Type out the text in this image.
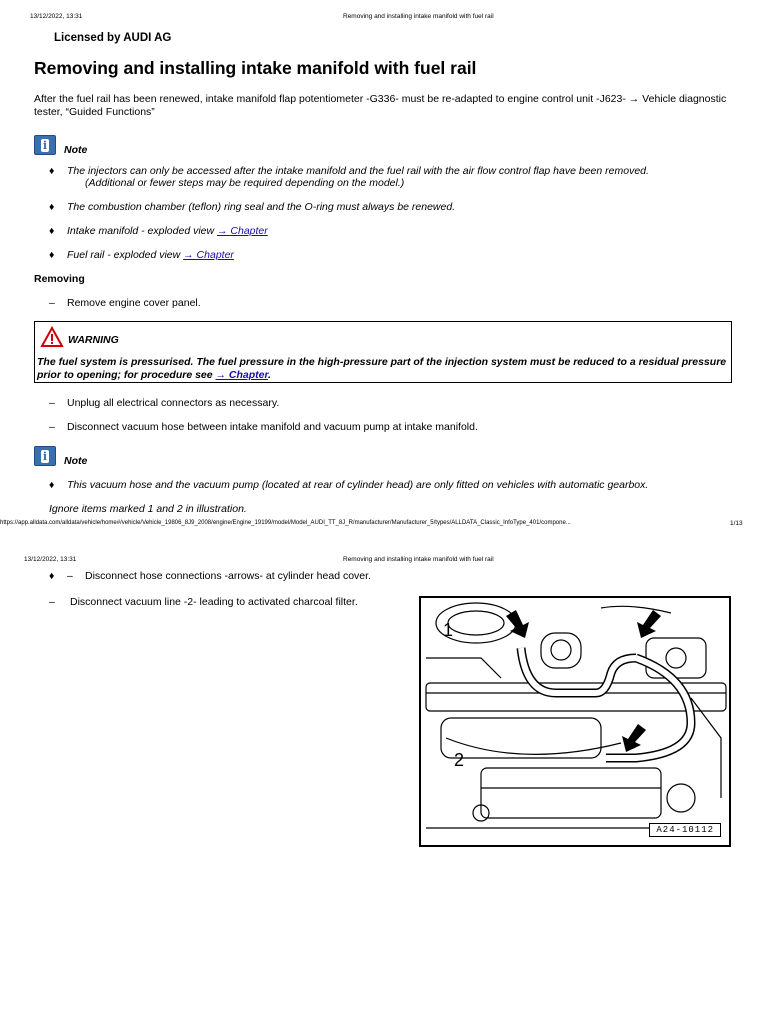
13/12/2022, 13:31	Removing and installing intake manifold with fuel rail
Licensed by AUDI AG
Removing and installing intake manifold with fuel rail
After the fuel rail has been renewed, intake manifold flap potentiometer -G336- must be re-adapted to engine control unit -J623- → Vehicle diagnostic tester, “Guided Functions”
i Note
♦ The injectors can only be accessed after the intake manifold and the fuel rail with the air flow control flap have been removed.
(Additional or fewer steps may be required depending on the model.)
♦ The combustion chamber (teflon) ring seal and the O-ring must always be renewed.
♦ Intake manifold - exploded view → Chapter
♦ Fuel rail - exploded view → Chapter
Removing
– Remove engine cover panel.
WARNING
The fuel system is pressurised. The fuel pressure in the high-pressure part of the injection system must be reduced to a residual pressure prior to opening; for procedure see → Chapter.
– Unplug all electrical connectors as necessary.
– Disconnect vacuum hose between intake manifold and vacuum pump at intake manifold.
i Note
♦ This vacuum hose and the vacuum pump (located at rear of cylinder head) are only fitted on vehicles with automatic gearbox.
Ignore items marked 1 and 2 in illustration.
https://app.alldata.com/alldata/vehicle/home#/vehicle/Vehicle_19806_8J9_2008/engine/Engine_19199/model/Model_AUDI_TT_8J_R/manufacturer/Manufacturer_5/types/ALLDATA_Classic_InfoType_401/compone...	1/13
13/12/2022, 13:31	Removing and installing intake manifold with fuel rail
♦ – Disconnect hose connections -arrows- at cylinder head cover.
– Disconnect vacuum line -2- leading to activated charcoal filter.
1
2
A24-10112
